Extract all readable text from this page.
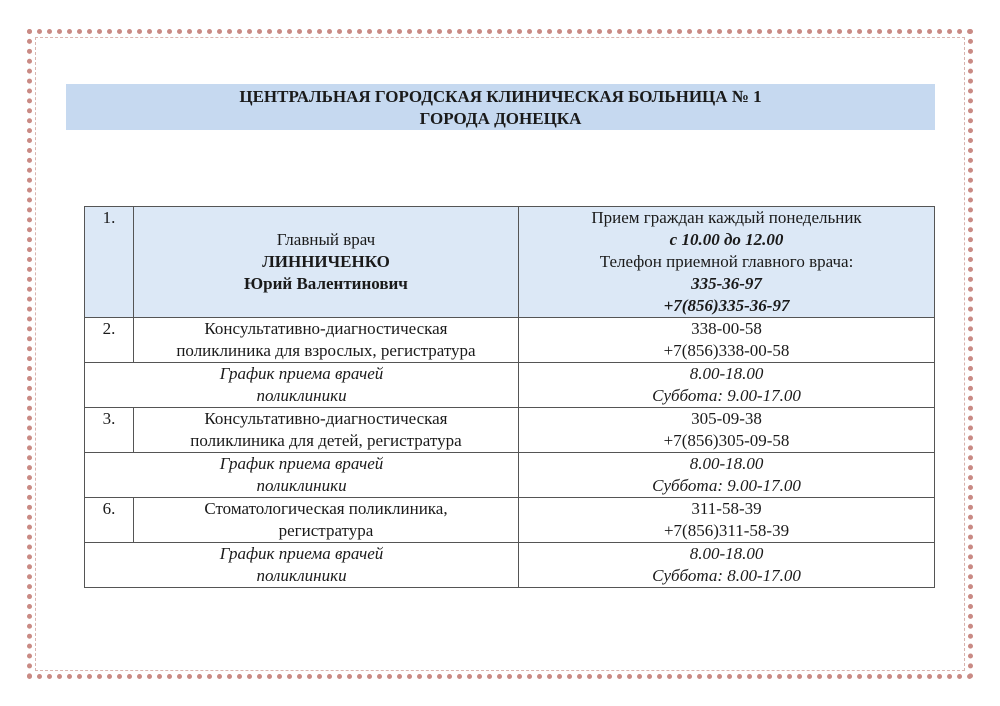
ЦЕНТРАЛЬНАЯ ГОРОДСКАЯ КЛИНИЧЕСКАЯ БОЛЬНИЦА № 1
ГОРОДА ДОНЕЦКА
1.	Главный врач
ЛИННИЧЕНКО
Юрий Валентинович	Прием граждан каждый понедельник
с 10.00 до 12.00
Телефон приемной главного врача:
335-36-97
+7(856)335-36-97

2.	Консультативно-диагностическая
поликлиника для взрослых, регистратура	338-00-58
+7(856)338-00-58

График приема врачей
поликлиники		8.00-18.00
Суббота: 9.00-17.00

3.	Консультативно-диагностическая
поликлиника для детей, регистратура	305-09-38
+7(856)305-09-58

График приема врачей
поликлиники		8.00-18.00
Суббота: 9.00-17.00

6.	Стоматологическая поликлиника,
регистратура	311-58-39
+7(856)311-58-39

График приема врачей
поликлиники		8.00-18.00
Суббота: 8.00-17.00
